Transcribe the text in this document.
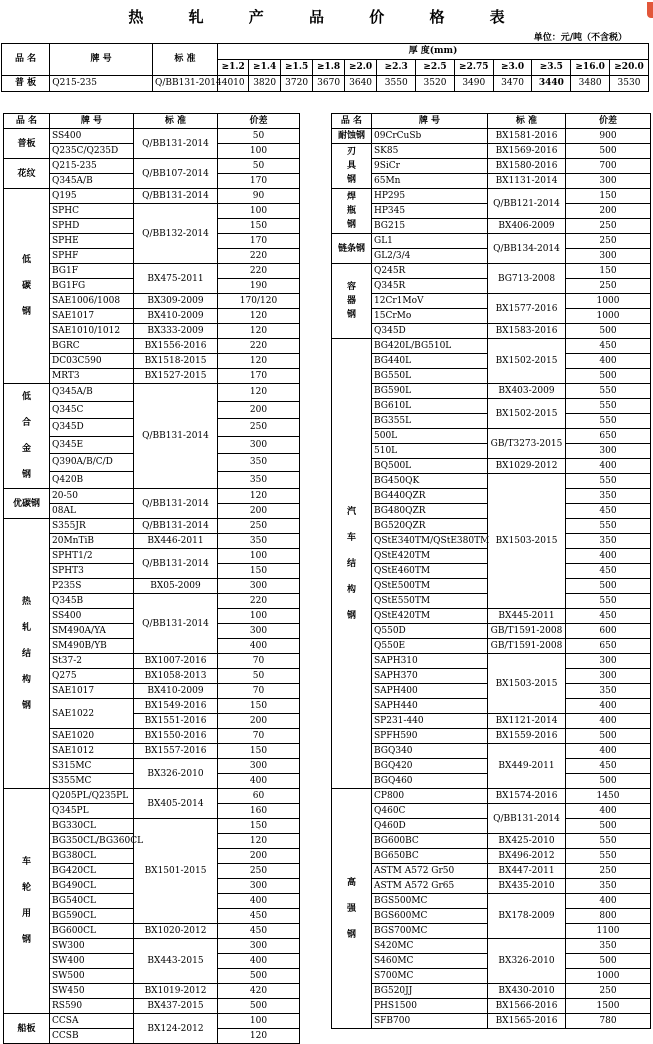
热 轧 产 品 价 格 表
单位：元/吨（不含税）
品 名	牌 号	标 准	厚 度(mm)											
			≥1.2	≥1.4	≥1.5	≥1.8	≥2.0	≥2.3	≥2.5	≥2.75	≥3.0	≥3.5	≥16.0	≥20.0
普 板	Q215-235	Q/BB131-2014	4010	3820	3720	3670	3640	3550	3520	3490	3470	3440	3480	3530
品 名	牌 号	标 准	价差
普板	SS400	Q/BB131-2014	50
	Q235C/Q235D		100
花纹	Q215-235	Q/BB107-2014	50
	Q345A/B		170
低碳钢	Q195	Q/BB131-2014	90
	SPHC	Q/BB132-2014	100
	SPHD		150
	SPHE		170
	SPHF		220
	BG1F	BX475-2011	220
	BG1FG		190
	SAE1006/1008	BX309-2009	170/120
	SAE1017	BX410-2009	120
	SAE1010/1012	BX333-2009	120
	BGRC	BX1556-2016	220
	DC03C590	BX1518-2015	120
	MRT3	BX1527-2015	170
低合金钢	Q345A/B	Q/BB131-2014	120
	Q345C		200
	Q345D		250
	Q345E		300
	Q390A/B/C/D		350
	Q420B		350
优碳钢	20-50	Q/BB131-2014	120
	08AL		200
热轧结构钢	S355JR	Q/BB131-2014	250
	20MnTiB	BX446-2011	350
	SPHT1/2	Q/BB131-2014	100
	SPHT3		150
	P235S	BX05-2009	300
	Q345B	Q/BB131-2014	220
	SS400		100
	SM490A/YA		300
	SM490B/YB		400
	St37-2	BX1007-2016	70
	Q275	BX1058-2013	50
	SAE1017	BX410-2009	70
	SAE1022	BX1549-2016	150
		BX1551-2016	200
	SAE1020	BX1550-2016	70
	SAE1012	BX1557-2016	150
	S315MC	BX326-2010	300
	S355MC		400
车轮用钢	Q205PL/Q235PL	BX405-2014	60
	Q345PL		160
	BG330CL	BX1501-2015	150
	BG350CL/BG360CL		120
	BG380CL		200
	BG420CL		250
	BG490CL		300
	BG540CL		400
	BG590CL		450
	BG600CL	BX1020-2012	450
	SW300	BX443-2015	300
	SW400		400
	SW500		500
	SW450	BX1019-2012	420
	RS590	BX437-2015	500
船板	CCSA	BX124-2012	100
	CCSB		120
品 名	牌 号	标 准	价差
耐蚀钢	09CrCuSb	BX1581-2016	900
刃具钢	SK85	BX1569-2016	500
	9SiCr	BX1580-2016	700
	65Mn	BX1131-2014	300
焊瓶钢	HP295	Q/BB121-2014	150
	HP345		200
	BG215	BX406-2009	250
链条钢	GL1	Q/BB134-2014	250
	GL2/3/4		300
容器钢	Q245R	BG713-2008	150
	Q345R		250
	12Cr1MoV	BX1577-2016	1000
	15CrMo		1000
	Q345D	BX1583-2016	500
汽车结构钢	BG420L/BG510L	BX1502-2015	450
	BG440L		400
	BG550L		500
	BG590L	BX403-2009	550
	BG610L	BX1502-2015	550
	BG355L		550
	500L	GB/T3273-2015	650
	510L		300
	BQ500L	BX1029-2012	400
	BG450QK	BX1503-2015	550
	BG440QZR		350
	BG480QZR		450
	BG520QZR		550
	QStE340TM/QStE380TM		350
	QStE420TM		400
	QStE460TM		450
	QStE500TM		500
	QStE550TM		550
	QStE420TM	BX445-2011	450
	Q550D	GB/T1591-2008	600
	Q550E	GB/T1591-2008	650
	SAPH310	BX1503-2015	300
	SAPH370		300
	SAPH400		350
	SAPH440		400
	SP231-440	BX1121-2014	400
	SPFH590	BX1559-2016	500
	BGQ340	BX449-2011	400
	BGQ420		450
	BGQ460		500
高强钢	CP800	BX1574-2016	1450
	Q460C	Q/BB131-2014	400
	Q460D		500
	BG600BC	BX425-2010	550
	BG650BC	BX496-2012	550
	ASTM A572 Gr50	BX447-2011	250
	ASTM A572 Gr65	BX435-2010	350
	BGS500MC	BX178-2009	400
	BGS600MC		800
	BGS700MC		1100
	S420MC	BX326-2010	350
	S460MC		500
	S700MC		1000
	BG520JJ	BX430-2010	250
	PHS1500	BX1566-2016	1500
	SFB700	BX1565-2016	780
